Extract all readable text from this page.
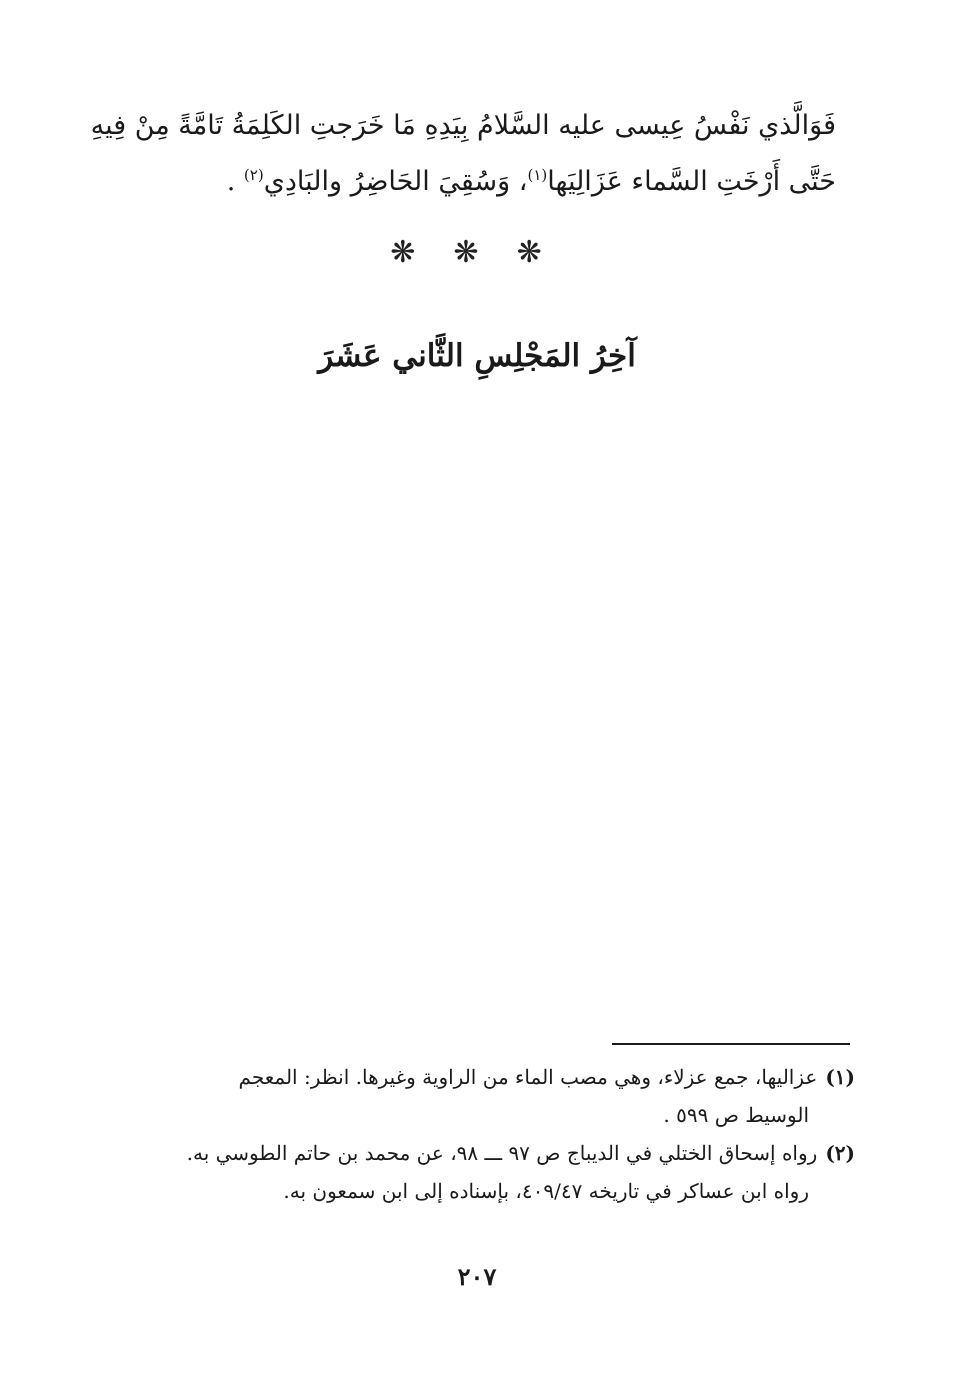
فَوَالَّذي نَفْسُ عِيسى عليه السَّلامُ بِيَدِهِ مَا خَرَجتِ الكَلِمَةُ تَامَّةً مِنْ فِيهِ
حَتَّى أَرْخَتِ السَّماء عَزَالِيَها$^{(١)}$، وَسُقِيَ الحَاضِرُ والبَادِي$^{(٢)}$ .
❋ ❋ ❋
آخِرُ المَجْلِسِ الثَّاني عَشَرَ
(١)عزاليها، جمع عزلاء، وهي مصب الماء من الراوية وغيرها. انظر: المعجم
الوسيط ص ٥٩٩ .
(٢)رواه إسحاق الختلي في الديباج ص ٩٧ ـــ ٩٨، عن محمد بن حاتم الطوسي به.
رواه ابن عساكر في تاريخه ٤٠٩/٤٧، بإسناده إلى ابن سمعون به.
٢٠٧
